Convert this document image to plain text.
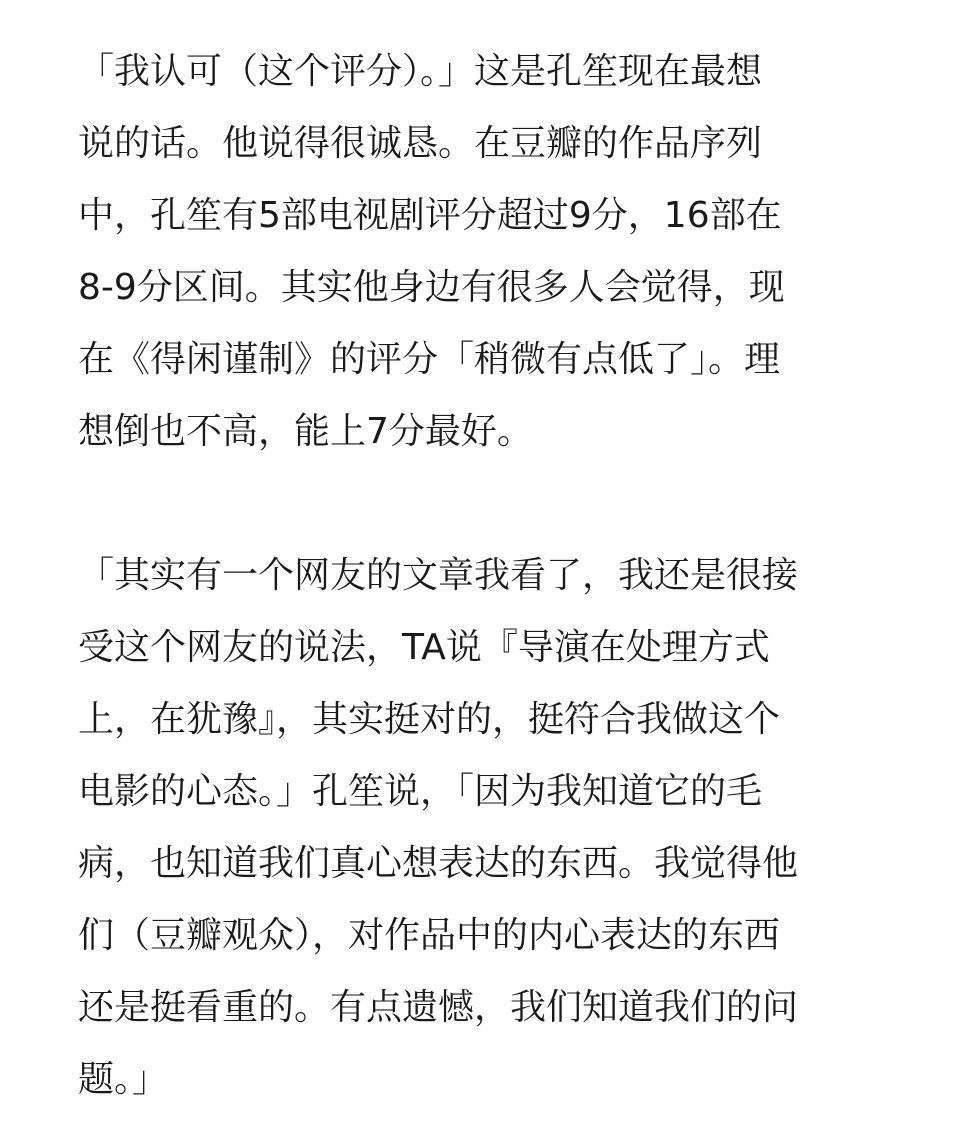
「我认可（这个评分）。」这是孔笙现在最想
说的话。他说得很诚恳。在豆瓣的作品序列
中，孔笙有5部电视剧评分超过9分，16部在
8-9分区间。其实他身边有很多人会觉得，现
在《得闲谨制》的评分「稍微有点低了」。理
想倒也不高，能上7分最好。
「其实有一个网友的文章我看了，我还是很接
受这个网友的说法，TA说『导演在处理方式
上，在犹豫』，其实挺对的，挺符合我做这个
电影的心态。」孔笙说，「因为我知道它的毛
病，也知道我们真心想表达的东西。我觉得他
们（豆瓣观众），对作品中的内心表达的东西
还是挺看重的。有点遗憾，我们知道我们的问
题。」
